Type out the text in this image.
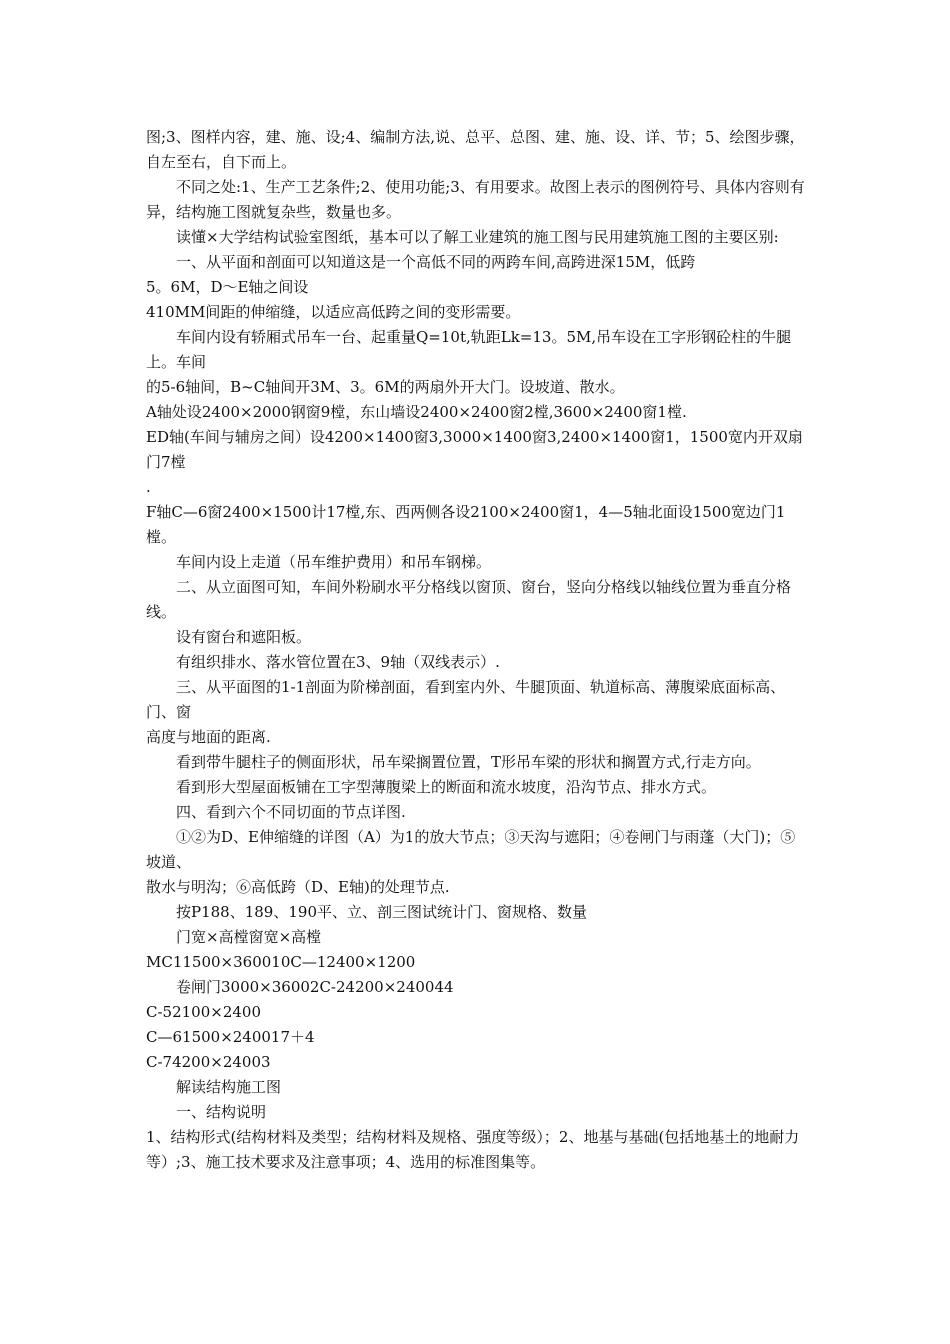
图;3、图样内容，建、施、设;4、编制方法,说、总平、总图、建、施、设、详、节；5、绘图步骤，自左至右，自下而上。

不同之处:1、生产工艺条件;2、使用功能;3、有用要求。故图上表示的图例符号、具体内容则有异，结构施工图就复杂些，数量也多。

读懂×大学结构试验室图纸，基本可以了解工业建筑的施工图与民用建筑施工图的主要区别:

一、从平面和剖面可以知道这是一个高低不同的两跨车间,高跨进深15M，低跨

5。6M，D～E轴之间设

410MM间距的伸缩缝，以适应高低跨之间的变形需要。

车间内设有轿厢式吊车一台、起重量Q=10t,轨距Lk=13。5M,吊车设在工字形钢砼柱的牛腿上。车间

的5-6轴间，B~C轴间开3M、3。6M的两扇外开大门。设坡道、散水。

A轴处设2400×2000钢窗9樘，东山墙设2400×2400窗2樘,3600×2400窗1樘.

ED轴(车间与辅房之间）设4200×1400窗3,3000×1400窗3,2400×1400窗1，1500宽内开双扇门7樘

.

F轴C—6窗2400×1500计17樘,东、西两侧各设2100×2400窗1，4—5轴北面设1500宽边门1樘。

车间内设上走道（吊车维护费用）和吊车钢梯。

二、从立面图可知，车间外粉刷水平分格线以窗顶、窗台，竖向分格线以轴线位置为垂直分格线。

设有窗台和遮阳板。

有组织排水、落水管位置在3、9轴（双线表示）.

三、从平面图的1-1剖面为阶梯剖面，看到室内外、牛腿顶面、轨道标高、薄腹梁底面标高、门、窗

高度与地面的距离.

看到带牛腿柱子的侧面形状，吊车梁搁置位置，T形吊车梁的形状和搁置方式,行走方向。

看到形大型屋面板铺在工字型薄腹梁上的断面和流水坡度，沿沟节点、排水方式。

四、看到六个不同切面的节点详图.

①②为D、E伸缩缝的详图（A）为1的放大节点；③天沟与遮阳；④卷闸门与雨蓬（大门)；⑤坡道、

散水与明沟；⑥高低跨（D、E轴)的处理节点.

按P188、189、190平、立、剖三图试统计门、窗规格、数量

门宽×高樘窗宽×高樘

MC11500×360010C—12400×1200

卷闸门3000×36002C-24200×240044

C-52100×2400

C—61500×240017＋4

C-74200×24003

解读结构施工图

一、结构说明

1、结构形式(结构材料及类型；结构材料及规格、强度等级）；2、地基与基础(包括地基土的地耐力等）;3、施工技术要求及注意事项；4、选用的标准图集等。
